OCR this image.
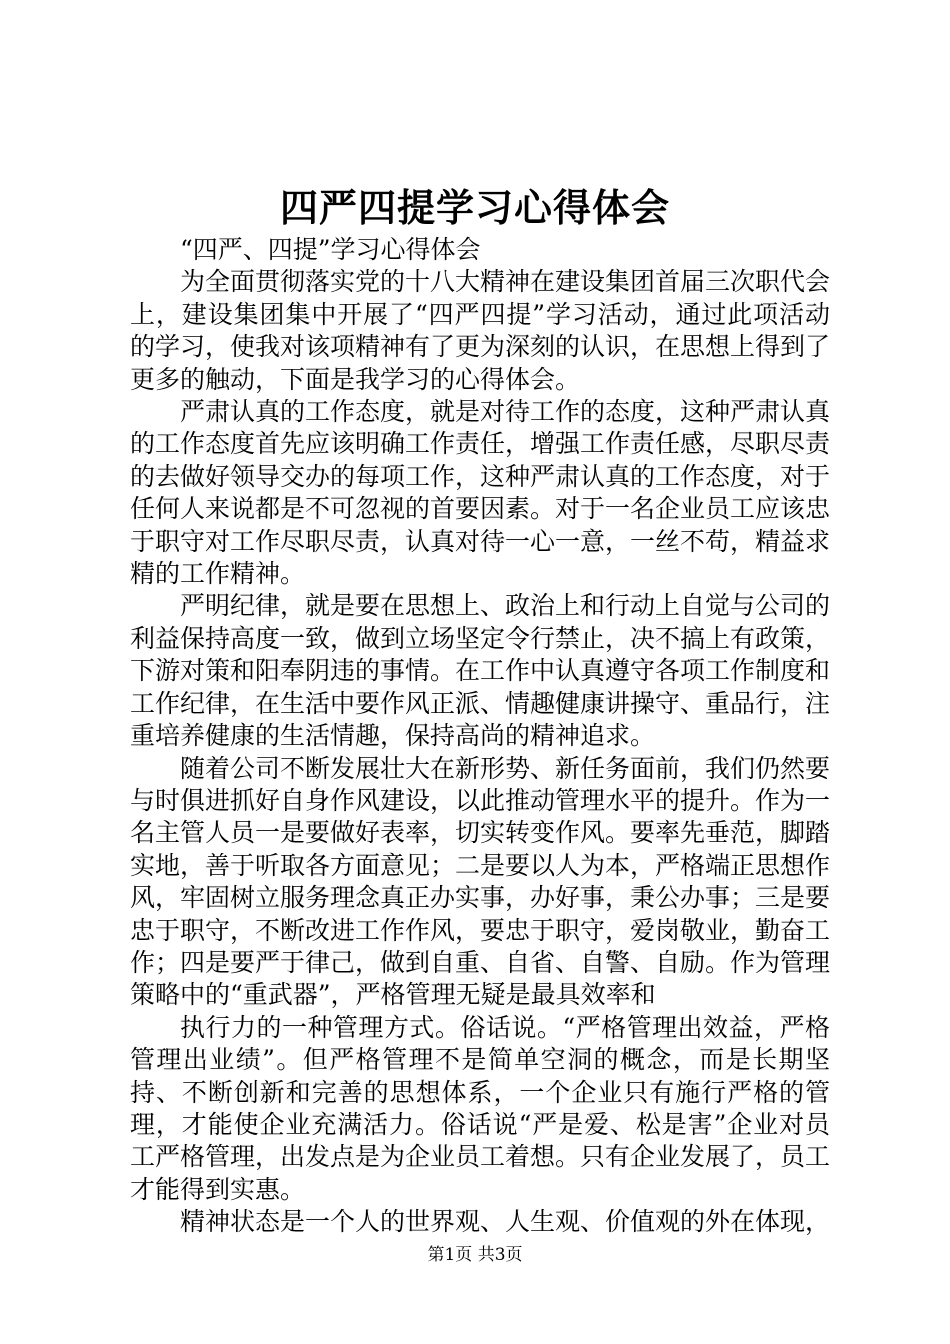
四严四提学习心得体会

“四严、四提”学习心得体会

为全面贯彻落实党的十八大精神在建设集团首届三次职代会上，建设集团集中开展了“四严四提”学习活动，通过此项活动的学习，使我对该项精神有了更为深刻的认识，在思想上得到了更多的触动，下面是我学习的心得体会。

严肃认真的工作态度，就是对待工作的态度，这种严肃认真的工作态度首先应该明确工作责任，增强工作责任感，尽职尽责的去做好领导交办的每项工作，这种严肃认真的工作态度，对于任何人来说都是不可忽视的首要因素。对于一名企业员工应该忠于职守对工作尽职尽责，认真对待一心一意，一丝不苟，精益求精的工作精神。

严明纪律，就是要在思想上、政治上和行动上自觉与公司的利益保持高度一致，做到立场坚定令行禁止，决不搞上有政策，下游对策和阳奉阴违的事情。在工作中认真遵守各项工作制度和工作纪律，在生活中要作风正派、情趣健康讲操守、重品行，注重培养健康的生活情趣，保持高尚的精神追求。

随着公司不断发展壮大在新形势、新任务面前，我们仍然要与时俱进抓好自身作风建设，以此推动管理水平的提升。作为一名主管人员一是要做好表率，切实转变作风。要率先垂范，脚踏实地，善于听取各方面意见；二是要以人为本，严格端正思想作风，牢固树立服务理念真正办实事，办好事，秉公办事；三是要忠于职守，不断改进工作作风，要忠于职守，爱岗敬业，勤奋工作；四是要严于律己，做到自重、自省、自警、自励。作为管理策略中的“重武器”，严格管理无疑是最具效率和

执行力的一种管理方式。俗话说。“严格管理出效益，严格管理出业绩”。但严格管理不是简单空洞的概念，而是长期坚持、不断创新和完善的思想体系，一个企业只有施行严格的管理，才能使企业充满活力。俗话说“严是爱、松是害”企业对员工严格管理，出发点是为企业员工着想。只有企业发展了，员工才能得到实惠。

精神状态是一个人的世界观、人生观、价值观的外在体现，

第1页 共3页
